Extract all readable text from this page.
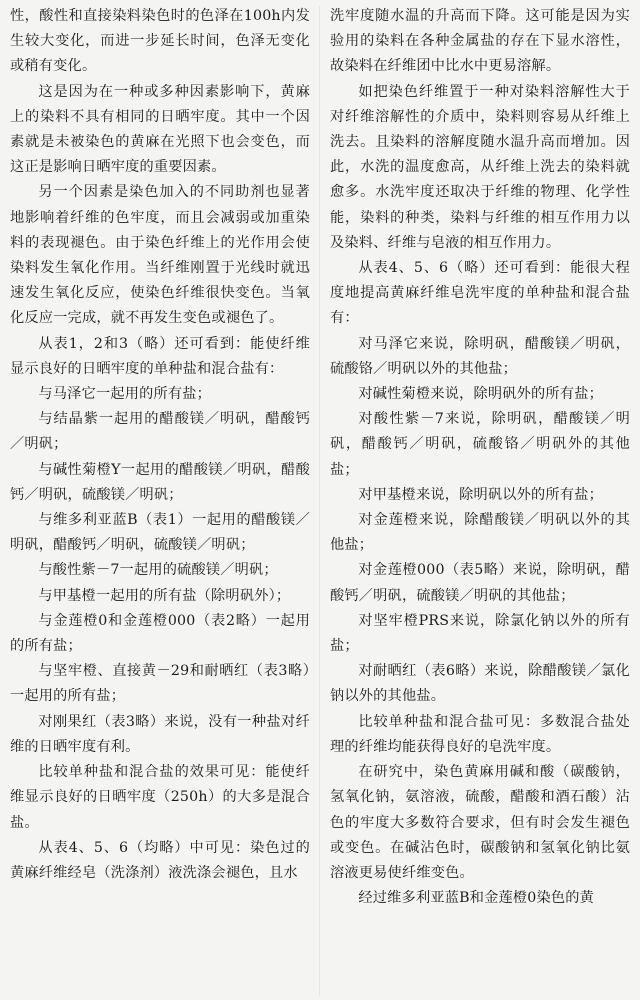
性，酸性和直接染料染色时的色泽在100h内发生较大变化，而进一步延长时间，色泽无变化或稍有变化。

这是因为在一种或多种因素影响下，黄麻上的染料不具有相同的日晒牢度。其中一个因素就是未被染色的黄麻在光照下也会变色，而这正是影响日晒牢度的重要因素。

另一个因素是染色加入的不同助剂也显著地影响着纤维的色牢度，而且会减弱或加重染料的表现褪色。由于染色纤维上的光作用会使染料发生氧化作用。当纤维刚置于光线时就迅速发生氧化反应，使染色纤维很快变色。当氧化反应一完成，就不再发生变色或褪色了。

从表1，2和3（略）还可看到：能使纤维显示良好的日晒牢度的单种盐和混合盐有：

与马泽它一起用的所有盐；

与结晶紫一起用的醋酸镁／明矾，醋酸钙／明矾；

与碱性菊橙Y一起用的醋酸镁／明矾，醋酸钙／明矾，硫酸镁／明矾；

与维多利亚蓝B（表1）一起用的醋酸镁／明矾，醋酸钙／明矾，硫酸镁／明矾；

与酸性紫－7一起用的硫酸镁／明矾；

与甲基橙一起用的所有盐（除明矾外）；

与金莲橙0和金莲橙000（表2略）一起用的所有盐；

与坚牢橙、直接黄－29和耐晒红（表3略）一起用的所有盐；

对刚果红（表3略）来说，没有一种盐对纤维的日晒牢度有利。

比较单种盐和混合盐的效果可见：能使纤维显示良好的日晒牢度（250h）的大多是混合盐。

从表4、5、6（均略）中可见：染色过的黄麻纤维经皂（洗涤剂）液洗涤会褪色，且水

洗牢度随水温的升高而下降。这可能是因为实验用的染料在各种金属盐的存在下显水溶性，故染料在纤维团中比水中更易溶解。

如把染色纤维置于一种对染料溶解性大于对纤维溶解性的介质中，染料则容易从纤维上洗去。且染料的溶解度随水温升高而增加。因此，水洗的温度愈高，从纤维上洗去的染料就愈多。水洗牢度还取决于纤维的物理、化学性能，染料的种类，染料与纤维的相互作用力以及染料、纤维与皂液的相互作用力。

从表4、5、6（略）还可看到：能很大程度地提高黄麻纤维皂洗牢度的单种盐和混合盐有：

对马泽它来说，除明矾，醋酸镁／明矾，硫酸铬／明矾以外的其他盐；

对碱性菊橙来说，除明矾外的所有盐；

对酸性紫－7来说，除明矾，醋酸镁／明矾，醋酸钙／明矾，硫酸铬／明矾外的其他盐；

对甲基橙来说，除明矾以外的所有盐；

对金莲橙来说，除醋酸镁／明矾以外的其他盐；

对金莲橙000（表5略）来说，除明矾，醋酸钙／明矾，硫酸镁／明矾的其他盐；

对坚牢橙PRS来说，除氯化钠以外的所有盐；

对耐晒红（表6略）来说，除醋酸镁／氯化钠以外的其他盐。

比较单种盐和混合盐可见：多数混合盐处理的纤维均能获得良好的皂洗牢度。

在研究中，染色黄麻用碱和酸（碳酸钠，氢氧化钠，氨溶液，硫酸，醋酸和酒石酸）沾色的牢度大多数符合要求，但有时会发生褪色或变色。在碱沾色时，碳酸钠和氢氧化钠比氨溶液更易使纤维变色。

经过维多利亚蓝B和金莲橙0染色的黄
